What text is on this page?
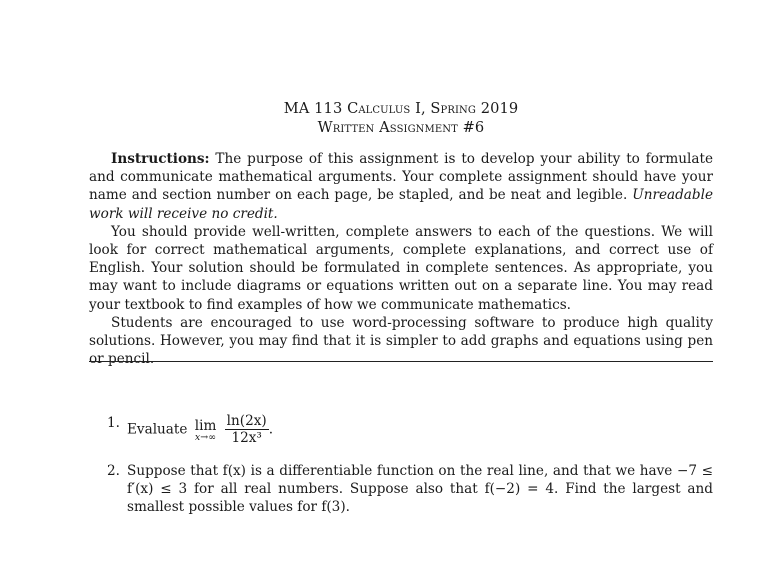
MA 113 Calculus I, Spring 2019
Written Assignment #6

Instructions: The purpose of this assignment is to develop your ability to formulate and communicate mathematical arguments. Your complete assignment should have your name and section number on each page, be stapled, and be neat and legible. Unreadable work will receive no credit.

You should provide well-written, complete answers to each of the questions. We will look for correct mathematical arguments, complete explanations, and correct use of English. Your solution should be formulated in complete sentences. As appropriate, you may want to include diagrams or equations written out on a separate line. You may read your textbook to find examples of how we communicate mathematics.

Students are encouraged to use word-processing software to produce high quality solutions. However, you may find that it is simpler to add graphs and equations using pen or pencil.

1. Evaluate lim
x→∞
$\frac{\ln(2x)}{\text{12x³}}$ .
2. Suppose that f(x) is a differentiable function on the real line, and that we have −7 ≤ f′(x) ≤ 3 for all real numbers. Suppose also that f(−2) = 4. Find the largest and smallest possible values for f(3).
